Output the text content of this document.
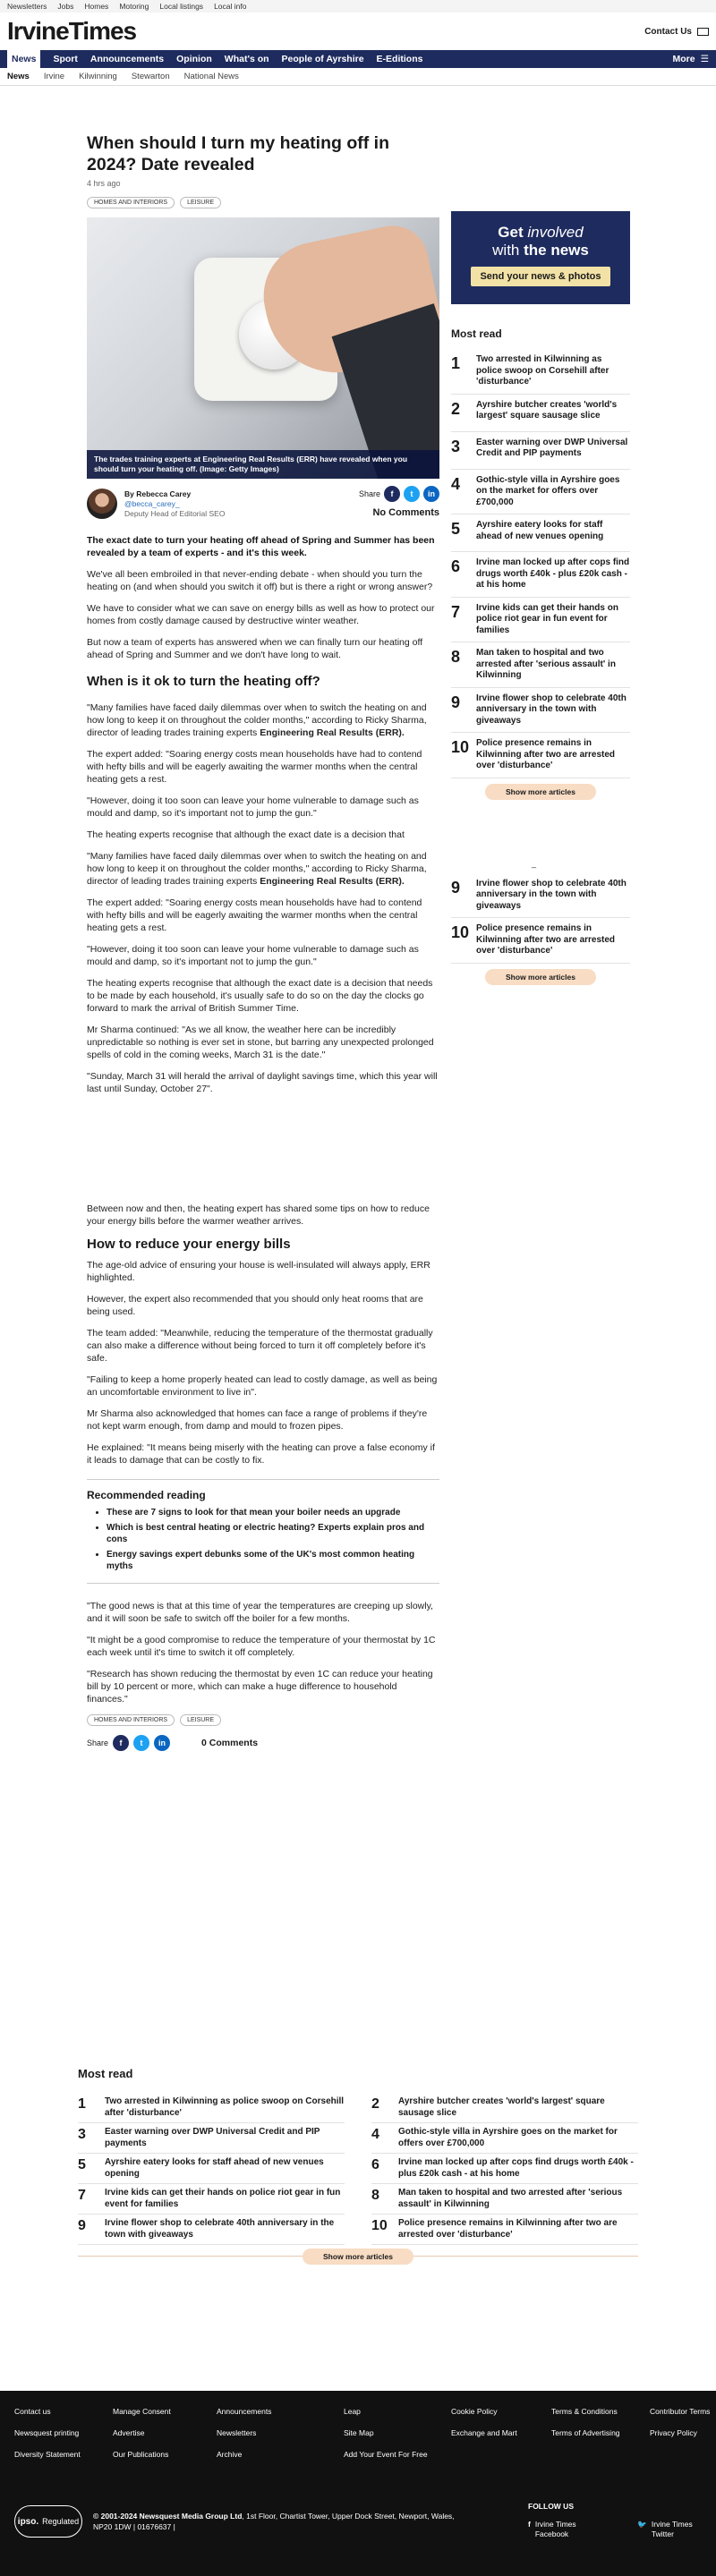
Newsletters Jobs Homes Motoring Local listings Local info
IrvineTimes	Contact Us
News	Sport Announcements Opinion What's on People of Ayrshire E-Editions	More ☰
News Irvine Kilwinning Stewarton National News
When should I turn my heating off in 2024? Date revealed
4 hrs ago
HOMES AND INTERIORS	LEISURE
The trades training experts at Engineering Real Results (ERR) have revealed when you should turn your heating off. (Image: Getty Images)
By Rebecca Carey
@becca_carey_
Deputy Head of Editorial SEO
Share	f	t	in
No Comments

The exact date to turn your heating off ahead of Spring and Summer has been revealed by a team of experts - and it's this week.

We've all been embroiled in that never-ending debate - when should you turn the heating on (and when should you switch it off) but is there a right or wrong answer?

We have to consider what we can save on energy bills as well as how to protect our homes from costly damage caused by destructive winter weather.

But now a team of experts has answered when we can finally turn our heating off ahead of Spring and Summer and we don't have long to wait.

When is it ok to turn the heating off?

"Many families have faced daily dilemmas over when to switch the heating on and how long to keep it on throughout the colder months," according to Ricky Sharma, director of leading trades training experts Engineering Real Results (ERR).

The expert added: "Soaring energy costs mean households have had to contend with hefty bills and will be eagerly awaiting the warmer months when the central heating gets a rest.

"However, doing it too soon can leave your home vulnerable to damage such as mould and damp, so it's important not to jump the gun."

The heating experts recognise that although the exact date is a decision that

"Many families have faced daily dilemmas over when to switch the heating on and how long to keep it on throughout the colder months," according to Ricky Sharma, director of leading trades training experts Engineering Real Results (ERR).

The expert added: "Soaring energy costs mean households have had to contend with hefty bills and will be eagerly awaiting the warmer months when the central heating gets a rest.

"However, doing it too soon can leave your home vulnerable to damage such as mould and damp, so it's important not to jump the gun."

The heating experts recognise that although the exact date is a decision that needs to be made by each household, it's usually safe to do so on the day the clocks go forward to mark the arrival of British Summer Time.

Mr Sharma continued: "As we all know, the weather here can be incredibly unpredictable so nothing is ever set in stone, but barring any unexpected prolonged spells of cold in the coming weeks, March 31 is the date."

"Sunday, March 31 will herald the arrival of daylight savings time, which this year will last until Sunday, October 27".

Between now and then, the heating expert has shared some tips on how to reduce your energy bills before the warmer weather arrives.

How to reduce your energy bills

The age-old advice of ensuring your house is well-insulated will always apply, ERR highlighted.

However, the expert also recommended that you should only heat rooms that are being used.

The team added: "Meanwhile, reducing the temperature of the thermostat gradually can also make a difference without being forced to turn it off completely before it's safe.

"Failing to keep a home properly heated can lead to costly damage, as well as being an uncomfortable environment to live in".

Mr Sharma also acknowledged that homes can face a range of problems if they're not kept warm enough, from damp and mould to frozen pipes.

He explained: "It means being miserly with the heating can prove a false economy if it leads to damage that can be costly to fix.

Recommended reading
• These are 7 signs to look for that mean your boiler needs an upgrade
• Which is best central heating or electric heating? Experts explain pros and cons
• Energy savings expert debunks some of the UK's most common heating myths

"The good news is that at this time of year the temperatures are creeping up slowly, and it will soon be safe to switch off the boiler for a few months.

"It might be a good compromise to reduce the temperature of your thermostat by 1C each week until it's time to switch it off completely.

"Research has shown reducing the thermostat by even 1C can reduce your heating bill by 10 percent or more, which can make a huge difference to household finances."

HOMES AND INTERIORS	LEISURE
Share	f	t	in	0 Comments
Get involved
with the news
Send your news & photos
Most read
1	Two arrested in Kilwinning as police swoop on Corsehill after 'disturbance'
2	Ayrshire butcher creates 'world's largest' square sausage slice
3	Easter warning over DWP Universal Credit and PIP payments
4	Gothic-style villa in Ayrshire goes on the market for offers over £700,000
5	Ayrshire eatery looks for staff ahead of new venues opening
6	Irvine man locked up after cops find drugs worth £40k - plus £20k cash - at his home
7	Irvine kids can get their hands on police riot gear in fun event for families
8	Man taken to hospital and two arrested after 'serious assault' in Kilwinning
9	Irvine flower shop to celebrate 40th anniversary in the town with giveaways
10 Police presence remains in Kilwinning after two are arrested over 'disturbance'
Show more articles
_
9	Irvine flower shop to celebrate 40th anniversary in the town with giveaways
10 Police presence remains in Kilwinning after two are arrested over 'disturbance'
Show more articles
Most read
1	Two arrested in Kilwinning as police swoop on Corsehill after 'disturbance'
2	Ayrshire butcher creates 'world's largest' square sausage slice
3	Easter warning over DWP Universal Credit and PIP payments
4	Gothic-style villa in Ayrshire goes on the market for offers over £700,000
5	Ayrshire eatery looks for staff ahead of new venues opening
6	Irvine man locked up after cops find drugs worth £40k - plus £20k cash - at his home
7	Irvine kids can get their hands on police riot gear in fun event for families
8	Man taken to hospital and two arrested after 'serious assault' in Kilwinning
9	Irvine flower shop to celebrate 40th anniversary in the town with giveaways
10 Police presence remains in Kilwinning after two are arrested over 'disturbance'
Show more articles
Contact us	Manage Consent	Announcements	Leap	Cookie Policy	Terms & Conditions	Contributor Terms
Newsquest printing	Advertise	Newsletters	Site Map	Exchange and Mart	Terms of Advertising	Privacy Policy
Diversity Statement	Our Publications	Archive	Add Your Event For Free
ipso. Regulated
© 2001-2024 Newsquest Media Group Ltd, 1st Floor, Chartist Tower, Upper Dock Street, Newport, Wales, NP20 1DW | 01676637 |
FOLLOW US
f Irvine Times Facebook
🐦 Irvine Times Twitter
